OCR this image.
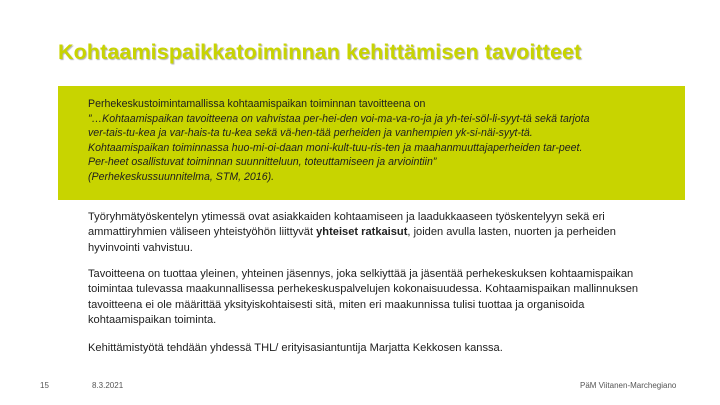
Kohtaamispaikkatoiminnan kehittämisen tavoitteet
Perhekeskustoimintamallissa kohtaamispaikan toiminnan tavoitteena on
”…Kohtaamispaikan tavoitteena on vahvistaa per-hei-den voi-ma-va-ro-ja ja yh-tei-söl-li-syyt-tä sekä tarjota
ver-tais-tu-kea ja var-hais-ta tu-kea sekä vä-hen-tää perheiden ja vanhempien yk-si-näi-syyt-tä.
Kohtaamispaikan toiminnassa huo-mi-oi-daan moni-kult-tuu-ris-ten ja maahanmuuttajaperheiden tar-peet.
Per-heet osallistuvat toiminnan suunnitteluun, toteuttamiseen ja arviointiin”
(Perhekeskussuunnitelma, STM, 2016).
Työryhmätyöskentelyn ytimessä ovat asiakkaiden kohtaamiseen ja laadukkaaseen työskentelyyn sekä eri
ammattiryhmien väliseen yhteistyöhön liittyvät yhteiset ratkaisut, joiden avulla lasten, nuorten ja perheiden
hyvinvointi vahvistuu.
Tavoitteena on tuottaa yleinen, yhteinen jäsennys, joka selkiyttää ja jäsentää perhekeskuksen kohtaamispaikan
toimintaa tulevassa maakunnallisessa perhekeskuspalvelujen kokonaisuudessa. Kohtaamispaikan mallinnuksen
tavoitteena ei ole määrittää yksityiskohtaisesti sitä, miten eri maakunnissa tulisi tuottaa ja organisoida
kohtaamispaikan toiminta.
Kehittämistyötä tehdään yhdessä THL/ erityisasiantuntija Marjatta Kekkosen kanssa.
15	8.3.2021	PäM Viitanen-Marchegiano
